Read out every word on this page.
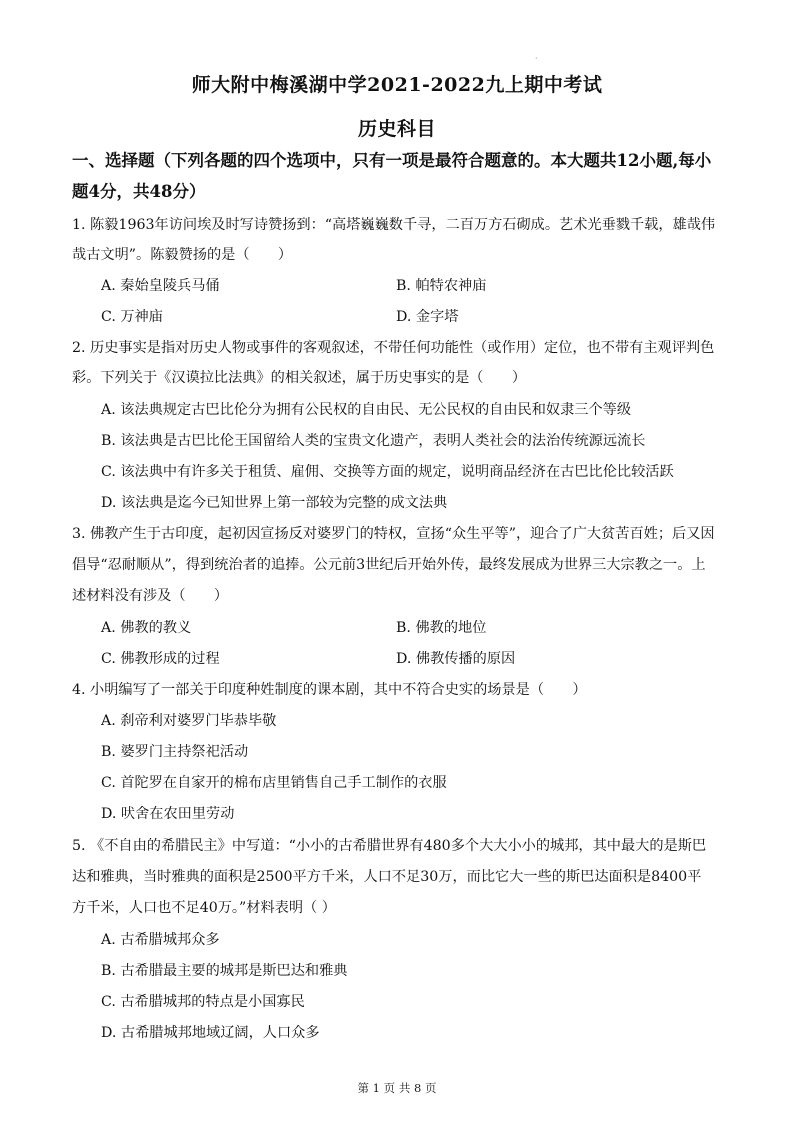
·
师大附中梅溪湖中学2021-2022九上期中考试
历史科目
一、选择题（下列各题的四个选项中，只有一项是最符合题意的。本大题共12小题,每小
题4分，共48分）
1. 陈毅1963年访问埃及时写诗赞扬到：“高塔巍巍数千寻，二百万方石砌成。艺术光垂戮千载，雄哉伟
哉古文明”。陈毅赞扬的是（　　）
A. 秦始皇陵兵马俑	B. 帕特农神庙
C. 万神庙	D. 金字塔
2. 历史事实是指对历史人物或事件的客观叙述，不带任何功能性（或作用）定位，也不带有主观评判色
彩。下列关于《汉谟拉比法典》的相关叙述，属于历史事实的是（　　）
A. 该法典规定古巴比伦分为拥有公民权的自由民、无公民权的自由民和奴隶三个等级
B. 该法典是古巴比伦王国留给人类的宝贵文化遗产，表明人类社会的法治传统源远流长
C. 该法典中有许多关于租赁、雇佣、交换等方面的规定，说明商品经济在古巴比伦比较活跃
D. 该法典是迄今已知世界上第一部较为完整的成文法典
3. 佛教产生于古印度，起初因宣扬反对婆罗门的特权，宣扬“众生平等”，迎合了广大贫苦百姓；后又因
倡导“忍耐顺从”，得到统治者的追捧。公元前3世纪后开始外传，最终发展成为世界三大宗教之一。上
述材料没有涉及（　　）
A. 佛教的教义	B. 佛教的地位
C. 佛教形成的过程	D. 佛教传播的原因
4. 小明编写了一部关于印度种姓制度的课本剧，其中不符合史实的场景是（　　）
A. 刹帝利对婆罗门毕恭毕敬
B. 婆罗门主持祭祀活动
C. 首陀罗在自家开的棉布店里销售自己手工制作的衣服
D. 吠舍在农田里劳动
5. 《不自由的希腊民主》中写道：“小小的古希腊世界有480多个大大小小的城邦，其中最大的是斯巴
达和雅典，当时雅典的面积是2500平方千米，人口不足30万，而比它大一些的斯巴达面积是8400平
方千米，人口也不足40万。”材料表明（ ）
A. 古希腊城邦众多
B. 古希腊最主要的城邦是斯巴达和雅典
C. 古希腊城邦的特点是小国寡民
D. 古希腊城邦地域辽阔，人口众多
第 1 页 共 8 页
